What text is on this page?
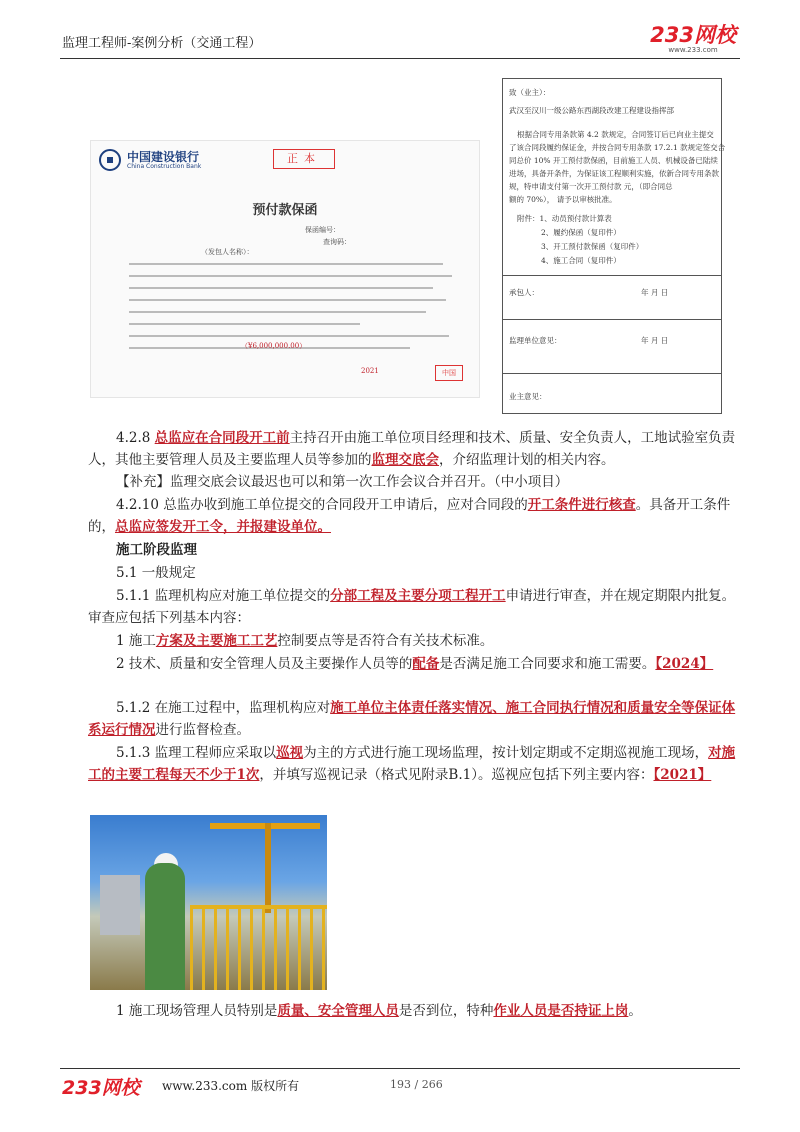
监理工程师-案例分析（交通工程）	233网校
www.233.com
中国建设银行
China Construction Bank
正本
预付款保函
保函编号：
查询码：
（发包人名称）：
（¥6,000,000.00）
2021	中国
致（业主）：
武汉至汉川一级公路东西湖段改建工程建设指挥部
根据合同专用条款第 4.2 款规定，合同签订后已向业主提交
了该合同段履约保证金，并按合同专用条款 17.2.1 款规定签交合
同总价 10% 开工预付款保函，目前施工人员、机械设备已陆续
进场，具备开条件，为保证该工程顺利实施，依新合同专用条款
规，特申请支付第一次开工预付款 元，（即合同总
额的 70%）， 请予以审核批准。
附件：1、动员预付款计算表
2、履约保函（复印件）
3、开工预付款保函（复印件）
4、施工合同（复印件）
承包人：	年 月 日
监理单位意见：	年 月 日
业主意见：
4.2.8 总监应在合同段开工前主持召开由施工单位项目经理和技术、质量、安全负责人，工地试验室负责人，其他主要管理人员及主要监理人员等参加的监理交底会，介绍监理计划的相关内容。
【补充】监理交底会议最迟也可以和第一次工作会议合并召开。（中小项目）
4.2.10 总监办收到施工单位提交的合同段开工申请后，应对合同段的开工条件进行核查。具备开工条件的，总监应签发开工令，并报建设单位。
施工阶段监理
5.1 一般规定
5.1.1 监理机构应对施工单位提交的分部工程及主要分项工程开工申请进行审查，并在规定期限内批复。审查应包括下列基本内容：
1 施工方案及主要施工工艺控制要点等是否符合有关技术标准。
2 技术、质量和安全管理人员及主要操作人员等的配备是否满足施工合同要求和施工需要。【2024】
5.1.2 在施工过程中，监理机构应对施工单位主体责任落实情况、施工合同执行情况和质量安全等保证体系运行情况进行监督检查。
5.1.3 监理工程师应采取以巡视为主的方式进行施工现场监理，按计划定期或不定期巡视施工现场，对施工的主要工程每天不少于1次，并填写巡视记录（格式见附录B.1）。巡视应包括下列主要内容：【2021】
1 施工现场管理人员特别是质量、安全管理人员是否到位，特种作业人员是否持证上岗。
233网校 www.233.com 版权所有	193 / 266
